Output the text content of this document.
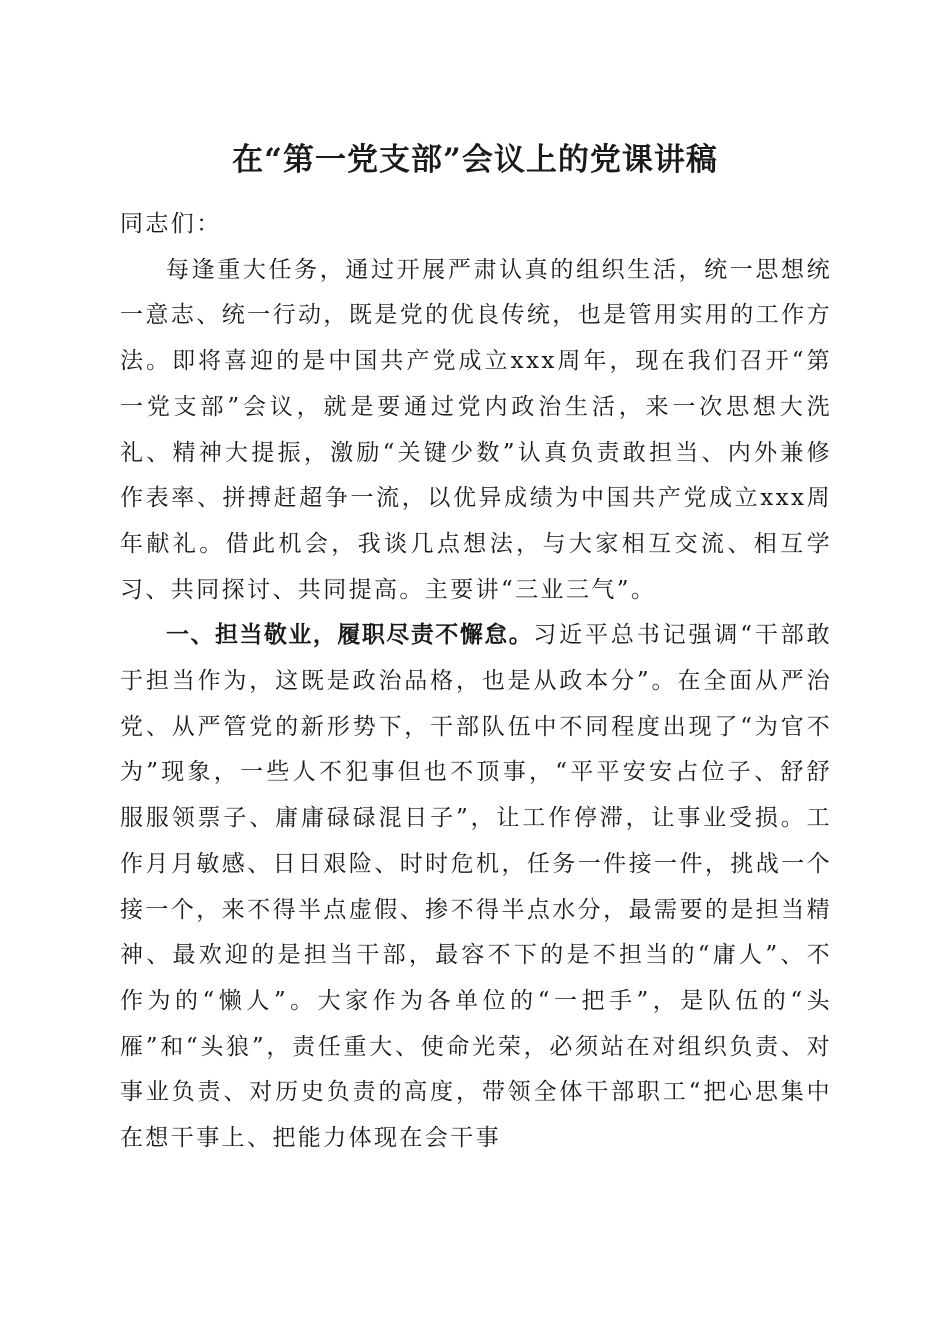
在“第一党支部”会议上的党课讲稿

同志们：

每逢重大任务，通过开展严肃认真的组织生活，统一思想统一意志、统一行动，既是党的优良传统，也是管用实用的工作方法。即将喜迎的是中国共产党成立xxx周年，现在我们召开“第一党支部”会议，就是要通过党内政治生活，来一次思想大洗礼、精神大提振，激励“关键少数”认真负责敢担当、内外兼修作表率、拼搏赶超争一流，以优异成绩为中国共产党成立xxx周年献礼。借此机会，我谈几点想法，与大家相互交流、相互学习、共同探讨、共同提高。主要讲“三业三气”。

一、担当敬业，履职尽责不懈怠。习近平总书记强调“干部敢于担当作为，这既是政治品格，也是从政本分”。在全面从严治党、从严管党的新形势下，干部队伍中不同程度出现了“为官不为”现象，一些人不犯事但也不顶事，“平平安安占位子、舒舒服服领票子、庸庸碌碌混日子”，让工作停滞，让事业受损。工作月月敏感、日日艰险、时时危机，任务一件接一件，挑战一个接一个，来不得半点虚假、掺不得半点水分，最需要的是担当精神、最欢迎的是担当干部，最容不下的是不担当的“庸人”、不作为的“懒人”。大家作为各单位的“一把手”，是队伍的“头雁”和“头狼”，责任重大、使命光荣，必须站在对组织负责、对事业负责、对历史负责的高度，带领全体干部职工“把心思集中在想干事上、把能力体现在会干事
